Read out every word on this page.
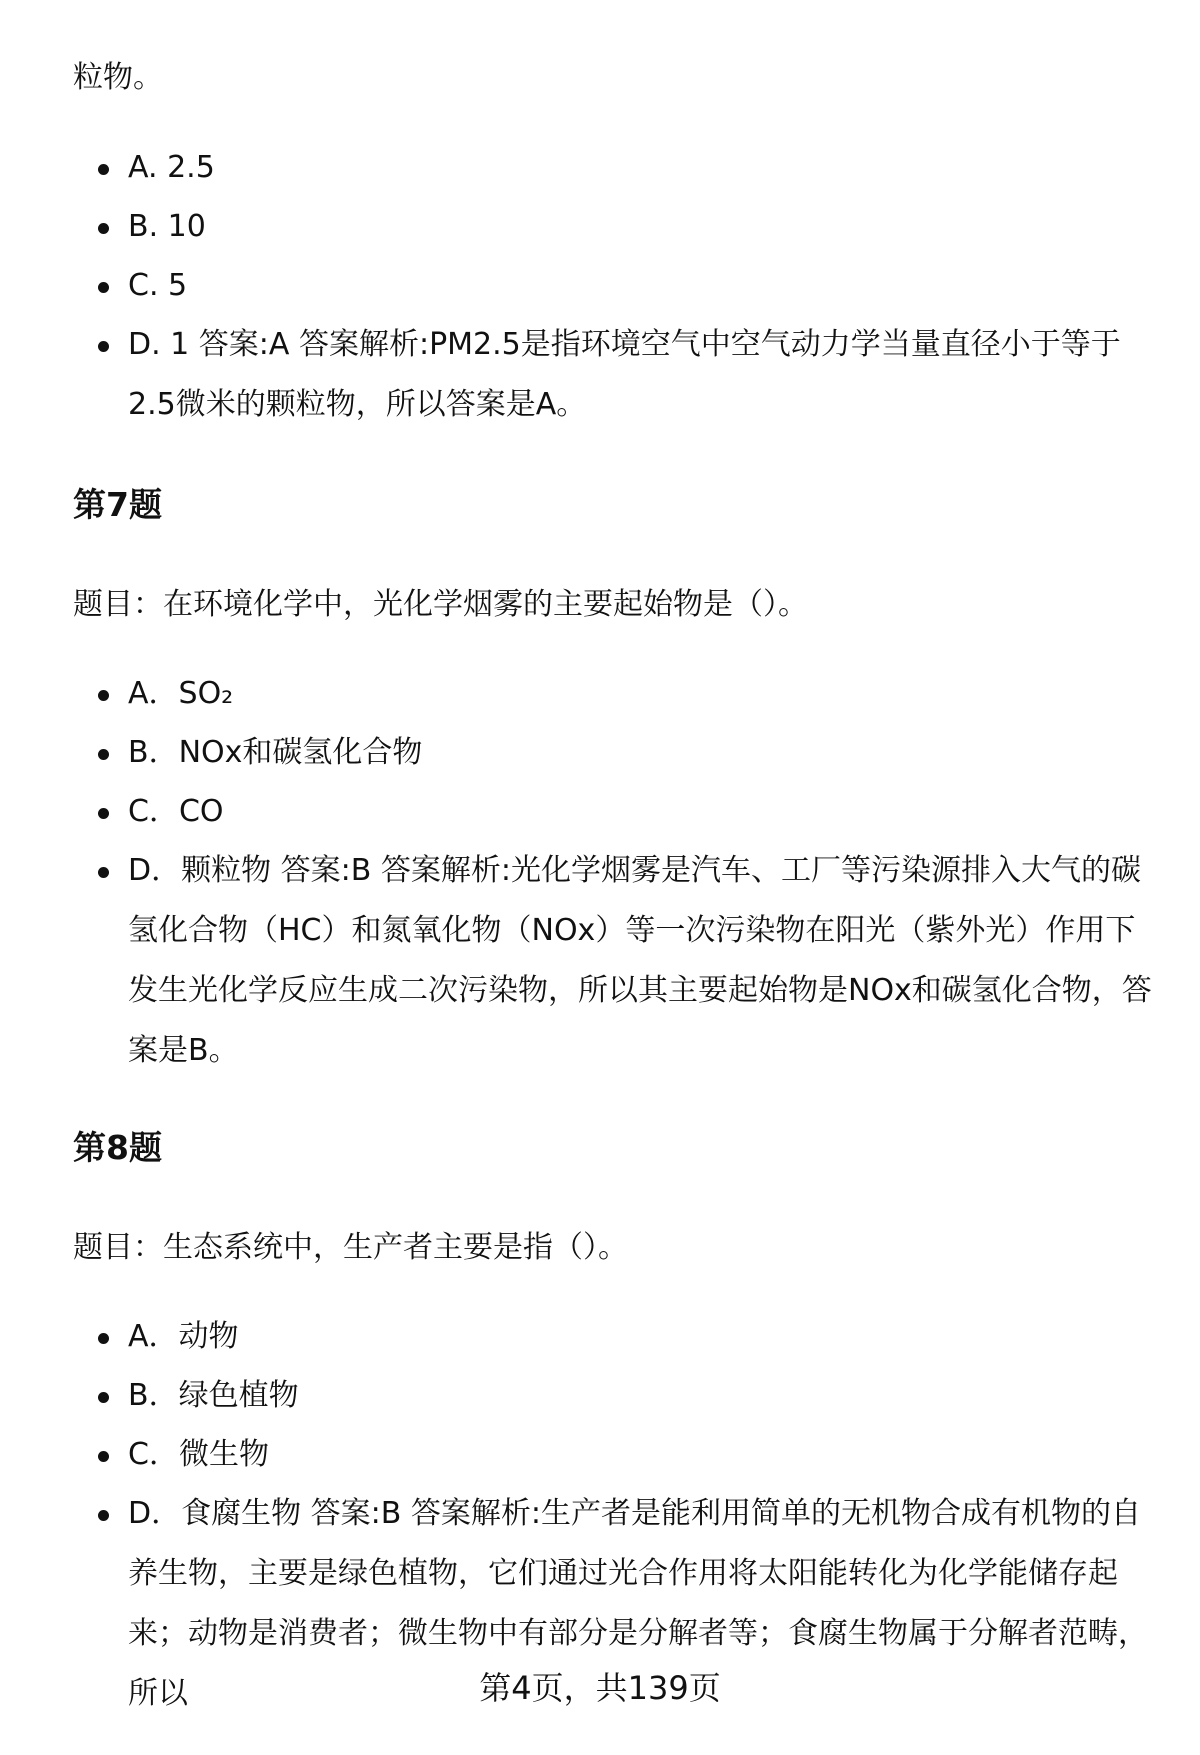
粒物。
A. 2.5
B. 10
C. 5
D. 1 答案:A 答案解析:PM2.5是指环境空气中空气动力学当量直径小于等于2.5微米的颗粒物，所以答案是A。
第7题
题目：在环境化学中，光化学烟雾的主要起始物是（）。
A．SO₂
B．NOx和碳氢化合物
C．CO
D．颗粒物 答案:B 答案解析:光化学烟雾是汽车、工厂等污染源排入大气的碳氢化合物（HC）和氮氧化物（NOx）等一次污染物在阳光（紫外光）作用下发生光化学反应生成二次污染物，所以其主要起始物是NOx和碳氢化合物，答案是B。
第8题
题目：生态系统中，生产者主要是指（）。
A．动物
B．绿色植物
C．微生物
D．食腐生物 答案:B 答案解析:生产者是能利用简单的无机物合成有机物的自养生物，主要是绿色植物，它们通过光合作用将太阳能转化为化学能储存起来；动物是消费者；微生物中有部分是分解者等；食腐生物属于分解者范畴，所以	第4页，共139页
